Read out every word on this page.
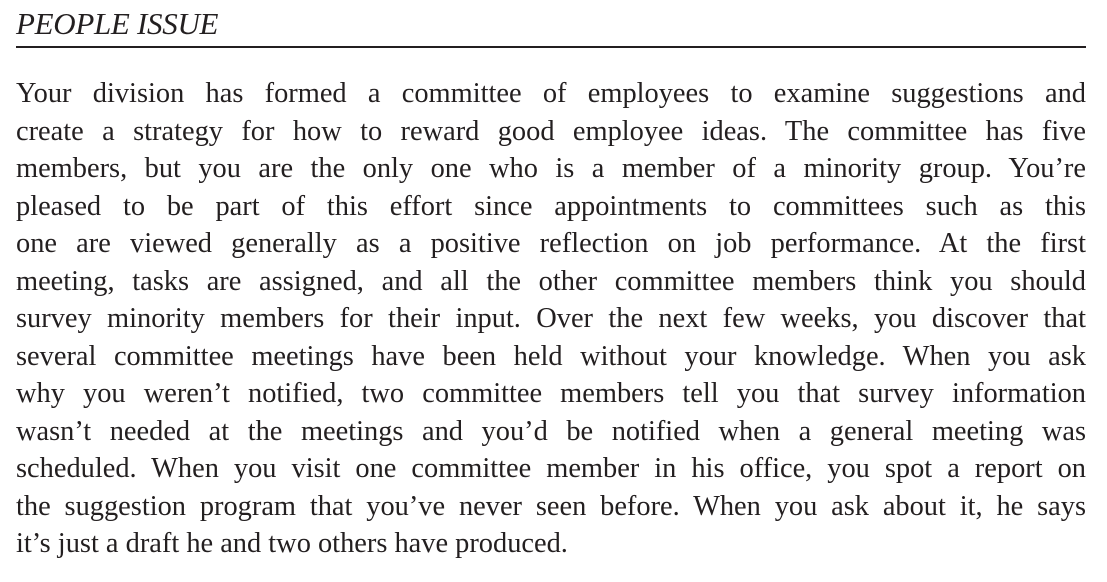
PEOPLE ISSUE
Your division has formed a committee of employees to examine suggestions and
create a strategy for how to reward good employee ideas. The committee has five
members, but you are the only one who is a member of a minority group. You’re
pleased to be part of this effort since appointments to committees such as this
one are viewed generally as a positive reflection on job performance. At the first
meeting, tasks are assigned, and all the other committee members think you should
survey minority members for their input. Over the next few weeks, you discover that
several committee meetings have been held without your knowledge. When you ask
why you weren’t notified, two committee members tell you that survey information
wasn’t needed at the meetings and you’d be notified when a general meeting was
scheduled. When you visit one committee member in his office, you spot a report on
the suggestion program that you’ve never seen before. When you ask about it, he says
it’s just a draft he and two others have produced.
